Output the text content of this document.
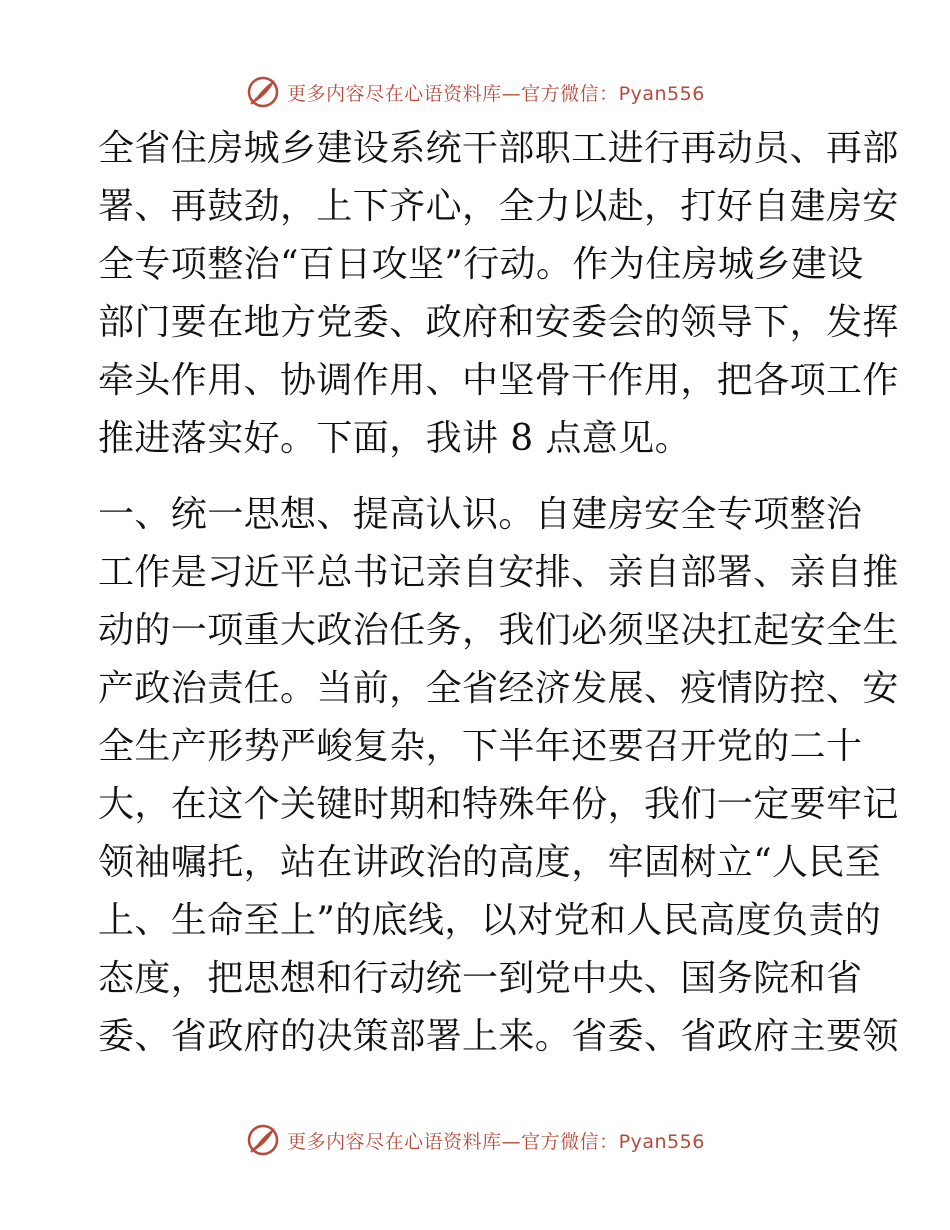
更多内容尽在心语资料库—官方微信：Pyan556
全省住房城乡建设系统干部职工进行再动员、再部
署、再鼓劲，上下齐心，全力以赴，打好自建房安
全专项整治“百日攻坚”行动。作为住房城乡建设
部门要在地方党委、政府和安委会的领导下，发挥
牵头作用、协调作用、中坚骨干作用，把各项工作
推进落实好。下面，我讲 8 点意见。
一、统一思想、提高认识。自建房安全专项整治
工作是习近平总书记亲自安排、亲自部署、亲自推
动的一项重大政治任务，我们必须坚决扛起安全生
产政治责任。当前，全省经济发展、疫情防控、安
全生产形势严峻复杂，下半年还要召开党的二十
大，在这个关键时期和特殊年份，我们一定要牢记
领袖嘱托，站在讲政治的高度，牢固树立“人民至
上、生命至上”的底线，以对党和人民高度负责的
态度，把思想和行动统一到党中央、国务院和省
委、省政府的决策部署上来。省委、省政府主要领
更多内容尽在心语资料库—官方微信：Pyan556
